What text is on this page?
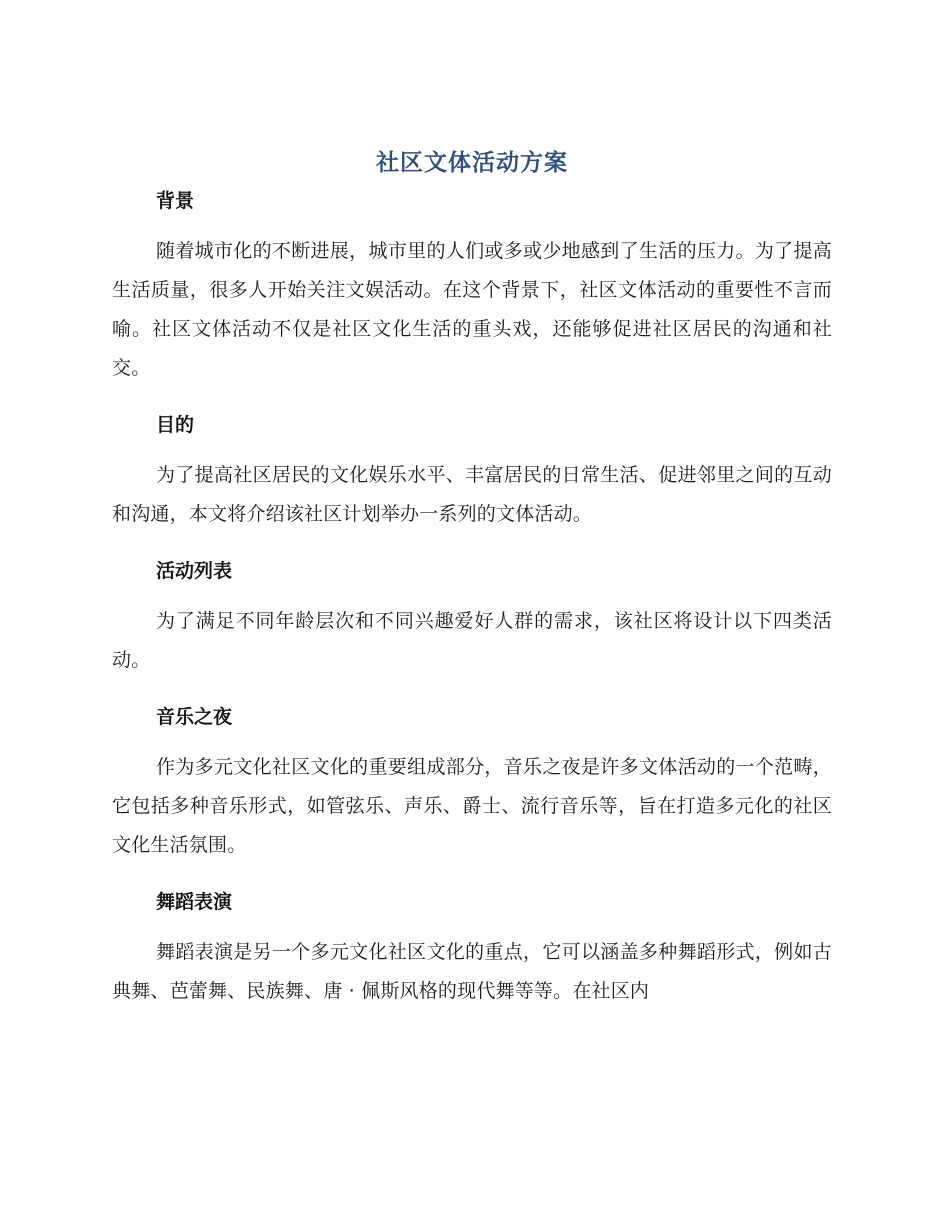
社区文体活动方案
背景

随着城市化的不断进展，城市里的人们或多或少地感到了生活的压力。为了提高生活质量，很多人开始关注文娱活动。在这个背景下，社区文体活动的重要性不言而喻。社区文体活动不仅是社区文化生活的重头戏，还能够促进社区居民的沟通和社交。

目的

为了提高社区居民的文化娱乐水平、丰富居民的日常生活、促进邻里之间的互动和沟通，本文将介绍该社区计划举办一系列的文体活动。

活动列表

为了满足不同年龄层次和不同兴趣爱好人群的需求，该社区将设计以下四类活动。

音乐之夜

作为多元文化社区文化的重要组成部分，音乐之夜是许多文体活动的一个范畴，它包括多种音乐形式，如管弦乐、声乐、爵士、流行音乐等，旨在打造多元化的社区文化生活氛围。

舞蹈表演

舞蹈表演是另一个多元文化社区文化的重点，它可以涵盖多种舞蹈形式，例如古典舞、芭蕾舞、民族舞、唐 · 佩斯风格的现代舞等等。在社区内
